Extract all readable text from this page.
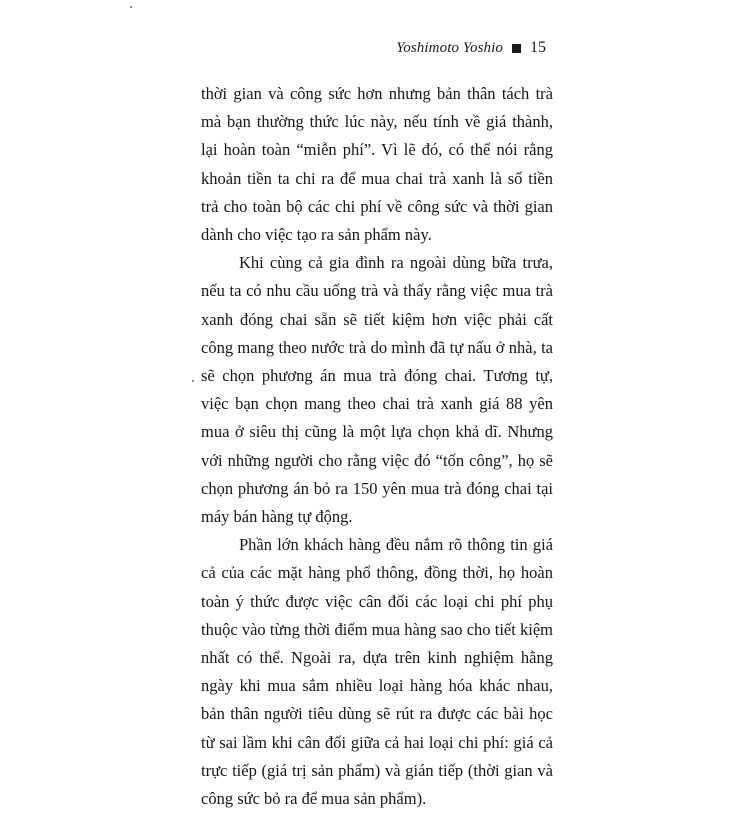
Yoshimoto Yoshio 15

thời gian và công sức hơn nhưng bản thân tách trà mà bạn thường thức lúc này, nếu tính về giá thành, lại hoàn toàn “miễn phí”. Vì lẽ đó, có thể nói rằng khoản tiền ta chi ra để mua chai trà xanh là số tiền trả cho toàn bộ các chi phí về công sức và thời gian dành cho việc tạo ra sản phẩm này.

Khi cùng cả gia đình ra ngoài dùng bữa trưa, nếu ta có nhu cầu uống trà và thấy rằng việc mua trà xanh đóng chai sẵn sẽ tiết kiệm hơn việc phải cất công mang theo nước trà do mình đã tự nấu ở nhà, ta sẽ chọn phương án mua trà đóng chai. Tương tự, việc bạn chọn mang theo chai trà xanh giá 88 yên mua ở siêu thị cũng là một lựa chọn khả dĩ. Nhưng với những người cho rằng việc đó “tốn công”, họ sẽ chọn phương án bỏ ra 150 yên mua trà đóng chai tại máy bán hàng tự động.

Phần lớn khách hàng đều nắm rõ thông tin giá cả của các mặt hàng phổ thông, đồng thời, họ hoàn toàn ý thức được việc cân đối các loại chi phí phụ thuộc vào từng thời điểm mua hàng sao cho tiết kiệm nhất có thể. Ngoài ra, dựa trên kinh nghiệm hằng ngày khi mua sắm nhiều loại hàng hóa khác nhau, bản thân người tiêu dùng sẽ rút ra được các bài học từ sai lầm khi cân đối giữa cả hai loại chi phí: giá cả trực tiếp (giá trị sản phẩm) và gián tiếp (thời gian và công sức bỏ ra để mua sản phẩm).
